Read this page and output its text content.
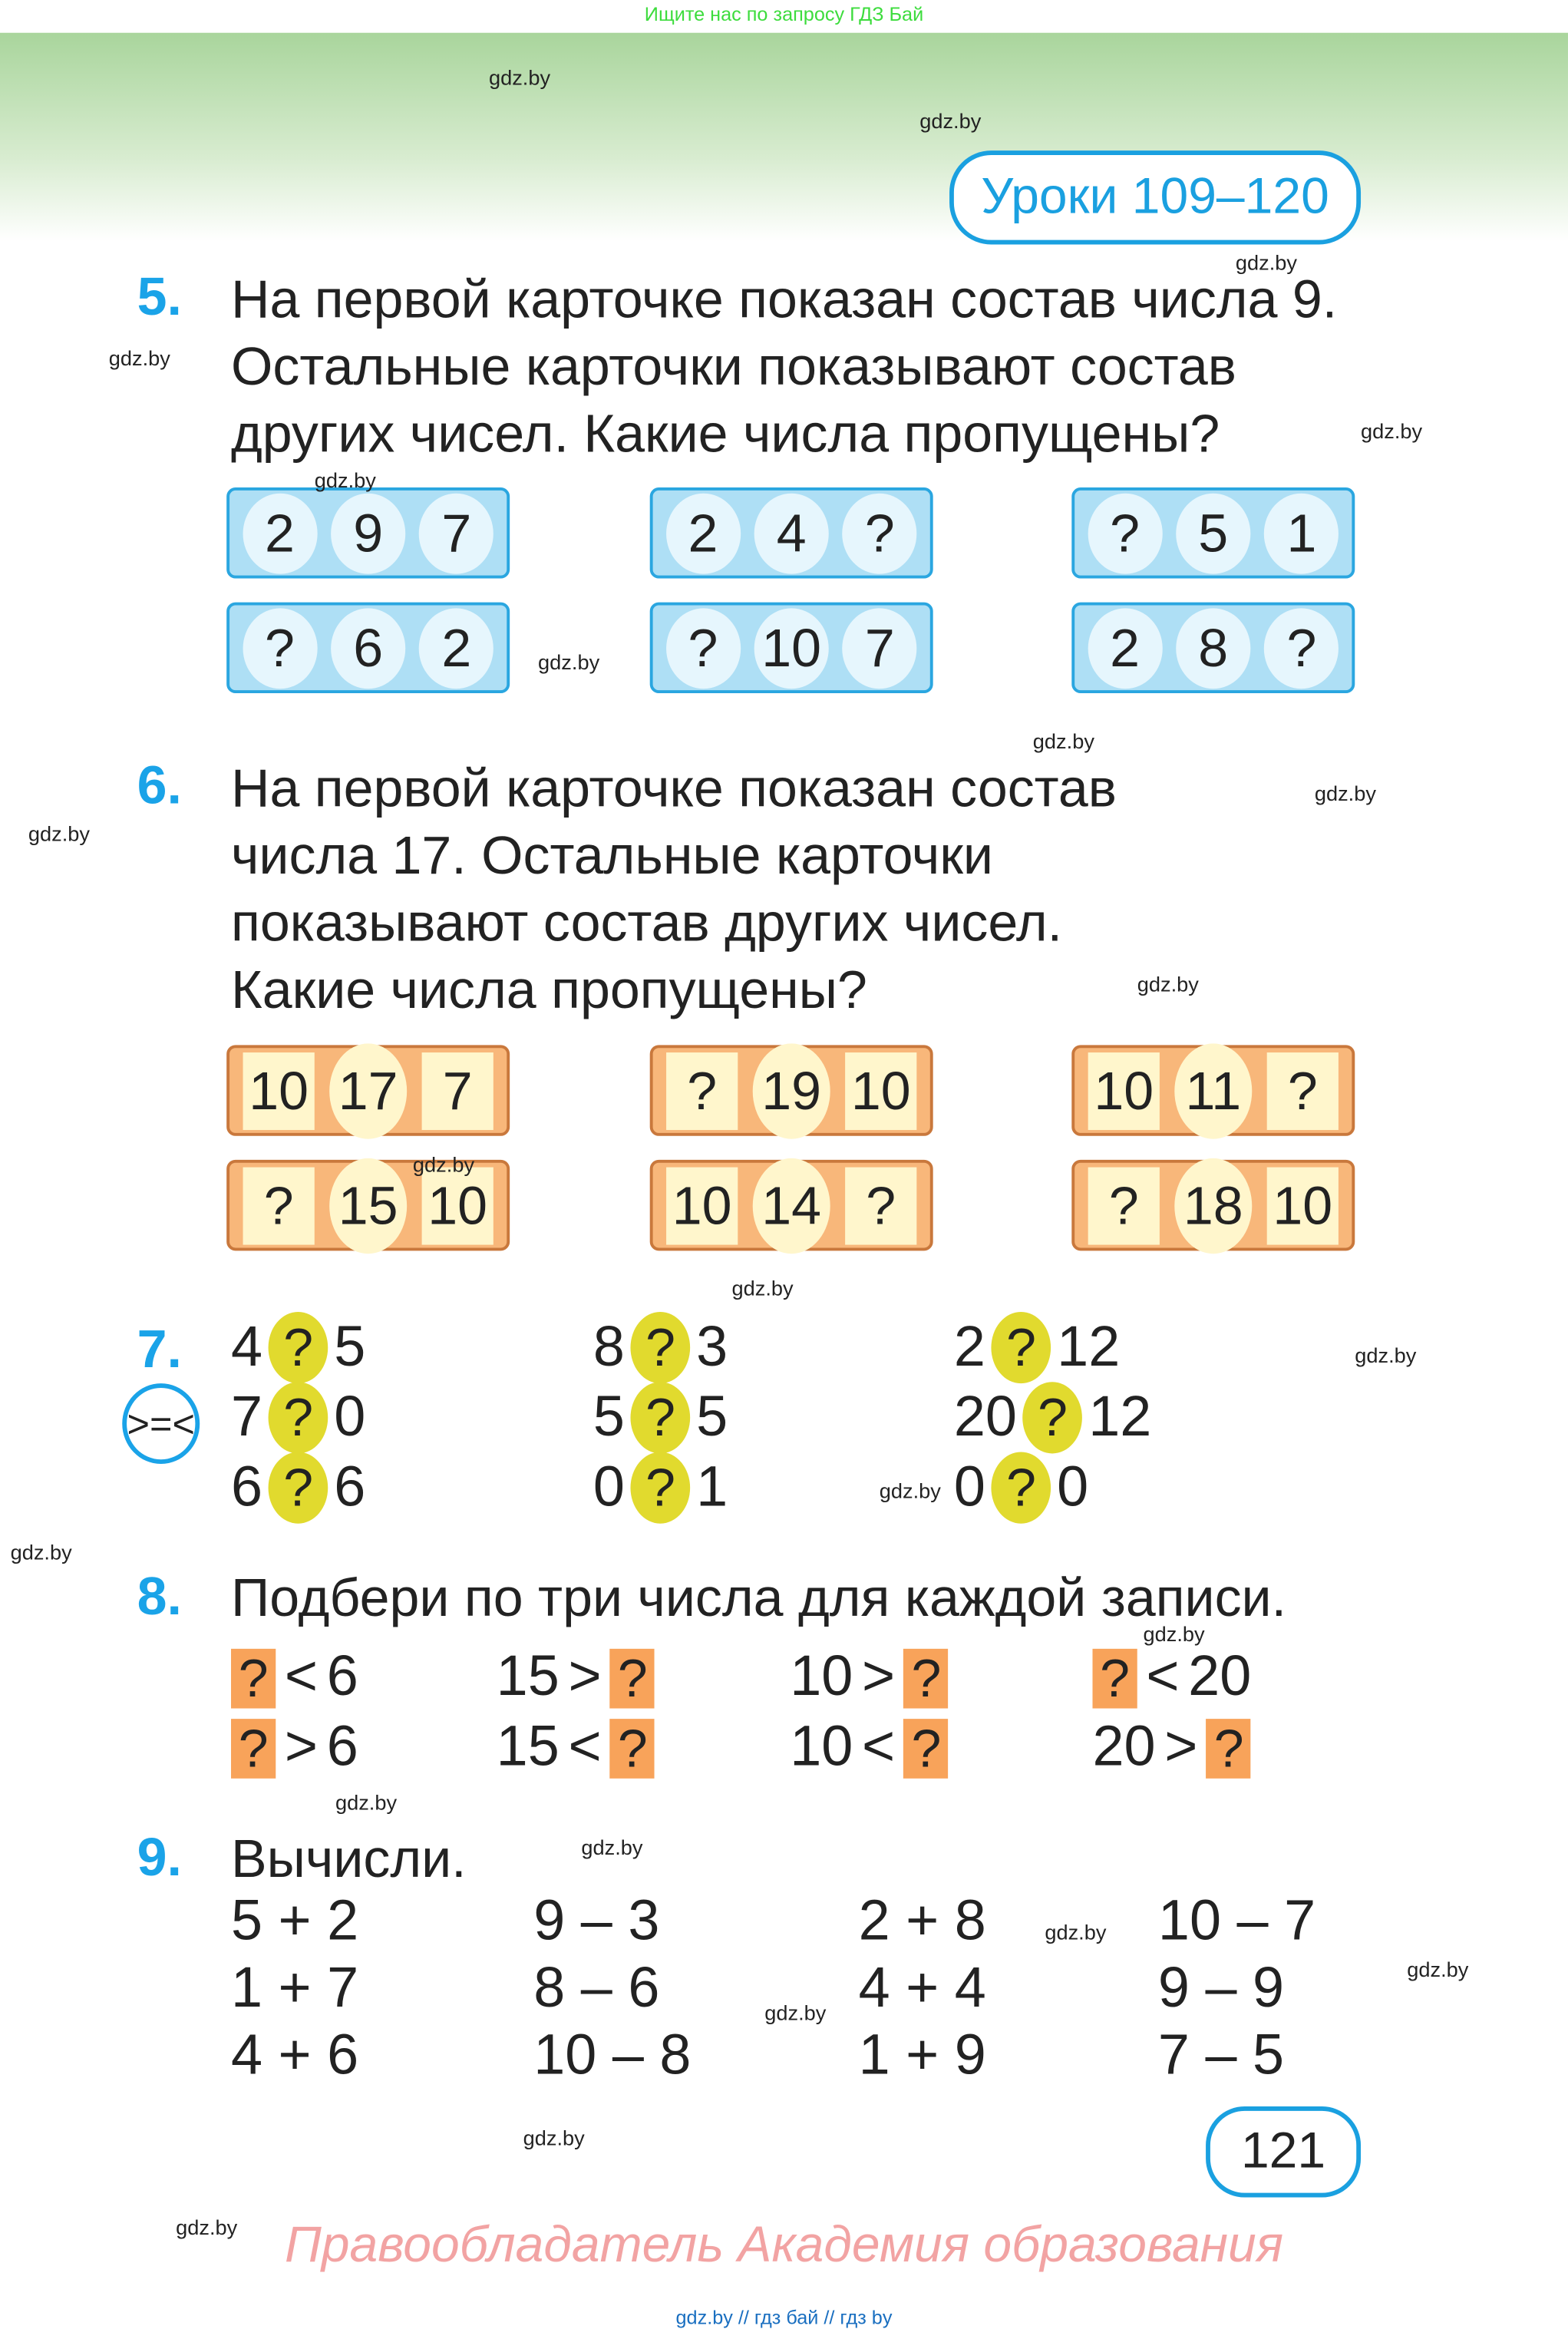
Ищите нас по запросу ГДЗ Бай
Уроки 109–120
>=<
121
Правообладатель Академия образования
gdz.by // гдз бай // гдз by
gdz.by
gdz.by
gdz.by
gdz.by
gdz.by
gdz.by
gdz.by
gdz.by
gdz.by
gdz.by
gdz.by
gdz.by
gdz.by
gdz.by
gdz.by
gdz.by
gdz.by
gdz.by
gdz.by
gdz.by
gdz.by
gdz.by
gdz.by
gdz.by
5. На первой карточке показан состав числа 9.
Остальные карточки показывают состав
других чисел. Какие числа пропущены?
6. На первой карточке показан состав
числа 17. Остальные карточки
показывают состав других чисел.
Какие числа пропущены?
2	9	7	2	4	?	?	5	1
?	6	2	?	10	7	2	8	?
10	17	7	?	19	10	10	11	?
?	15	10	10	14	?	?	18	10
7. 4 ? 5	8 ? 3	2 ? 12
7 ? 0	5 ? 5	20 ? 12
6 ? 6	0 ? 1	0 ? 0
8. Подбери по три числа для каждой записи.
? < 6	15 > ?	10 > ?	? < 20
? > 6	15 < ?	10 < ?	20 > ?
9. Вычисли.
5 + 2	9 – 3	2 + 8	10 – 7
1 + 7	8 – 6	4 + 4	9 – 9
4 + 6	10 – 8	1 + 9	7 – 5
